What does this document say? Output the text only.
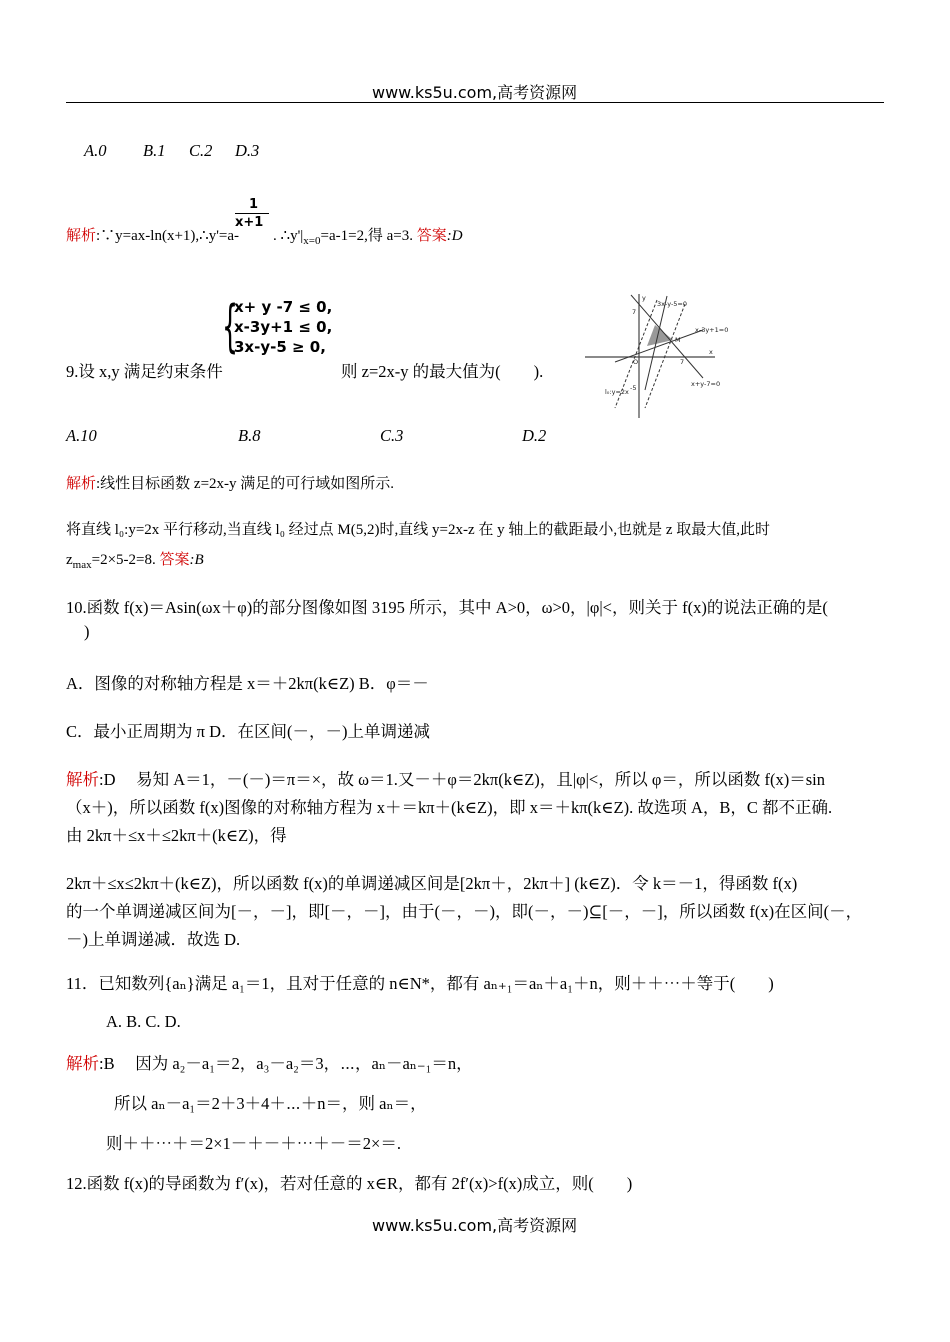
www.ks5u.com,高考资源网
A.0 B.1 C.2 D.3
解析:∵y=ax-ln(x+1),∴y'=a- $\frac{1}{x+1}$ . $\therefore y'|_{x=0}=a-1=2$,得 a=3. 答案:D
9.设 x,y 满足约束条件
{
x+ y -7 ≤ 0,
x-3y+1 ≤ 0,
3x-y-5 ≥ 0,
则 z=2x-y 的最大值为(　　).
3x-y-5=0
x-3y+1=0
x+y-7=0
l₀:y=2x
M
7
7
-5
x
y
O
A.10	B.8	C.3	D.2
解析:线性目标函数 z=2x-y 满足的可行域如图所示.
将直线 l₀:y=2x 平行移动,当直线 l₀ 经过点 M(5,2)时,直线 y=2x-z 在 y 轴上的截距最小,也就是 z 取最大值,此时
$z_{max}=2\times 5-2=8$. 答案:B
10.函数 f(x)＝Asin(ωx＋φ)的部分图像如图 3195 所示，其中 A>0，ω>0，|φ|<，则关于 f(x)的说法正确的是(
)
A．图像的对称轴方程是 x＝＋2kπ(k∈Z) B．φ＝－
C．最小正周期为 π D．在区间(－，－)上单调递减
解析:D　 易知 A＝1，－(－)＝π＝×，故 ω＝1.又－＋φ＝2kπ(k∈Z)，且|φ|<，所以 φ＝，所以函数 f(x)＝sin
（x＋)，所以函数 f(x)图像的对称轴方程为 x＋＝kπ＋(k∈Z)，即 x＝＋kπ(k∈Z). 故选项 A，B，C 都不正确.
由 2kπ＋≤x＋≤2kπ＋(k∈Z)，得
2kπ＋≤x≤2kπ＋(k∈Z)，所以函数 f(x)的单调递减区间是[2kπ＋，2kπ＋] (k∈Z)．令 k＝－1，得函数 f(x)
的一个单调递减区间为[－，－]，即[－，－]，由于(－，－)，即(－，－)⊆[－，－]，所以函数 f(x)在区间(－，
－)上单调递减．故选 D.
11．已知数列{aₙ}满足 a₁＝1，且对于任意的 n∈N*，都有 aₙ₊₁＝aₙ＋a₁＋n，则＋＋⋯＋等于(　　)
A. B. C. D.
解析:B　 因为 a₂－a₁＝2，a₃－a₂＝3，⋯，aₙ－aₙ₋₁＝n，
所以 aₙ－a₁＝2＋3＋4＋⋯＋n＝，则 aₙ＝，
则＋＋⋯＋＝2×1－＋－＋⋯＋－＝2×＝.
12.函数 f(x)的导函数为 f′(x)，若对任意的 x∈R，都有 2f′(x)>f(x)成立，则(　　)
www.ks5u.com,高考资源网
